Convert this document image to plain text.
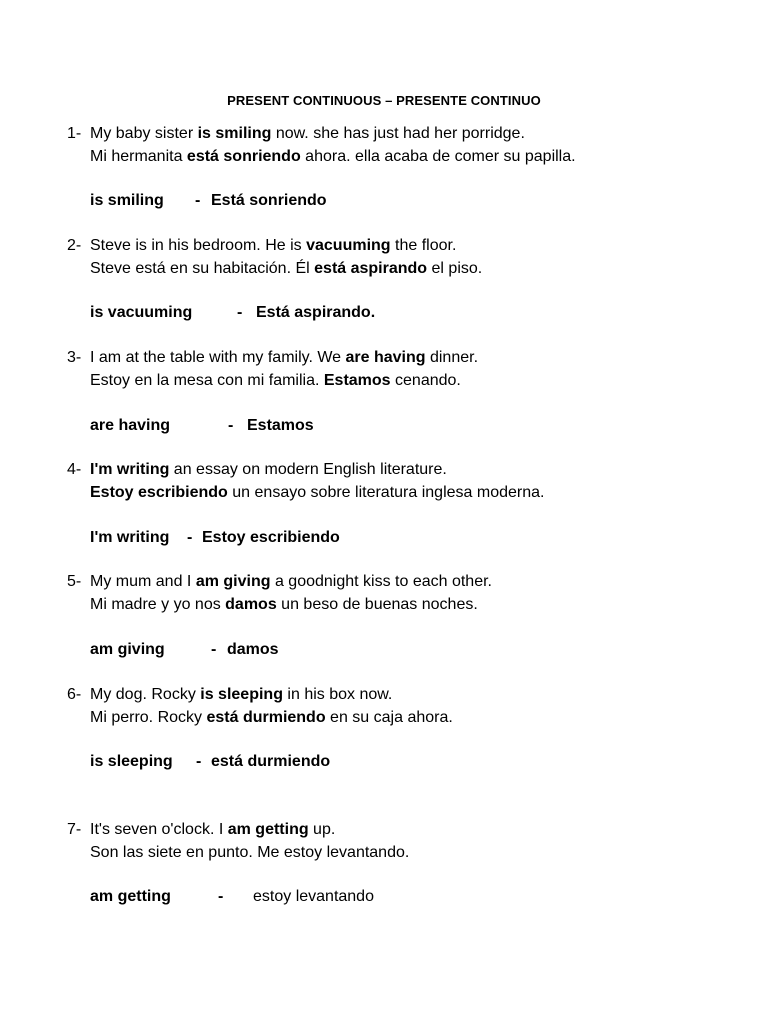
PRESENT CONTINUOUS – PRESENTE CONTINUO
1- My baby sister is smiling now. she has just had her porridge.
Mi hermanita está sonriendo ahora. ella acaba de comer su papilla.
is smiling - Está sonriendo
2- Steve is in his bedroom. He is vacuuming the floor.
Steve está en su habitación. Él está aspirando el piso.
is vacuuming	- Está aspirando.
3- I am at the table with my family. We are having dinner.
Estoy en la mesa con mi familia. Estamos cenando.
are having	- Estamos
4- I'm writing an essay on modern English literature.
Estoy escribiendo un ensayo sobre literatura inglesa moderna.
I'm writing - Estoy escribiendo
5- My mum and I am giving a goodnight kiss to each other.
Mi madre y yo nos damos un beso de buenas noches.
am giving	- damos
6- My dog. Rocky is sleeping in his box now.
Mi perro. Rocky está durmiendo en su caja ahora.
is sleeping - está durmiendo
7- It's seven o'clock. I am getting up.
Son las siete en punto. Me estoy levantando.
am getting	- estoy levantando
